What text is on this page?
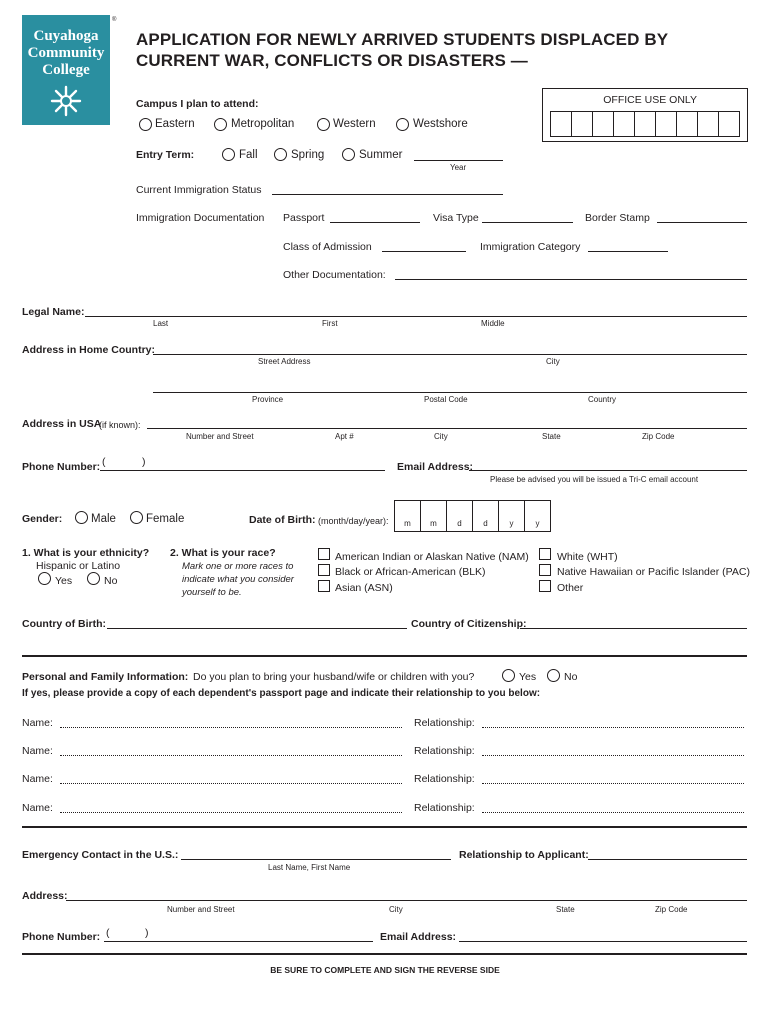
Cuyahoga
Community
College
®
APPLICATION FOR NEWLY ARRIVED STUDENTS DISPLACED BY
CURRENT WAR, CONFLICTS OR DISASTERS —
OFFICE USE ONLY
Campus I plan to attend:
Eastern	Metropolitan	Western	Westshore
Entry Term:	Fall	Spring	Summer
Year
Current Immigration Status
Immigration Documentation Passport	Visa Type	Border Stamp
Class of Admission	Immigration Category
Other Documentation:
Legal Name:
Last	First	Middle
Address in Home Country:
Street Address	City
Province	Postal Code	Country
Address in USA
(if known):
Number and Street	Apt #	City	State	Zip Code
Phone Number: (	)	Email Address:
Please be advised you will be issued a Tri-C email account
Gender: Male	Female	Date of Birth: (month/day/year):	m	m	d	d	y	y
1. What is your ethnicity?
Hispanic or Latino
Yes	No
2. What is your race?
Mark one or more races to
indicate what you consider
yourself to be.
American Indian or Alaskan Native (NAM)
Black or African-American (BLK)
Asian (ASN)
White (WHT)
Native Hawaiian or Pacific Islander (PAC)
Other
Country of Birth:	Country of Citizenship:
Personal and Family Information: Do you plan to bring your husband/wife or children with you?	Yes	No
If yes, please provide a copy of each dependent's passport page and indicate their relationship to you below:
Name:	Relationship:
Name:	Relationship:
Name:	Relationship:
Name:	Relationship:
Emergency Contact in the U.S.:
Last Name, First Name
Relationship to Applicant:
Address:
Number and Street	City	State	Zip Code
Phone Number: (	)	Email Address:
BE SURE TO COMPLETE AND SIGN THE REVERSE SIDE
